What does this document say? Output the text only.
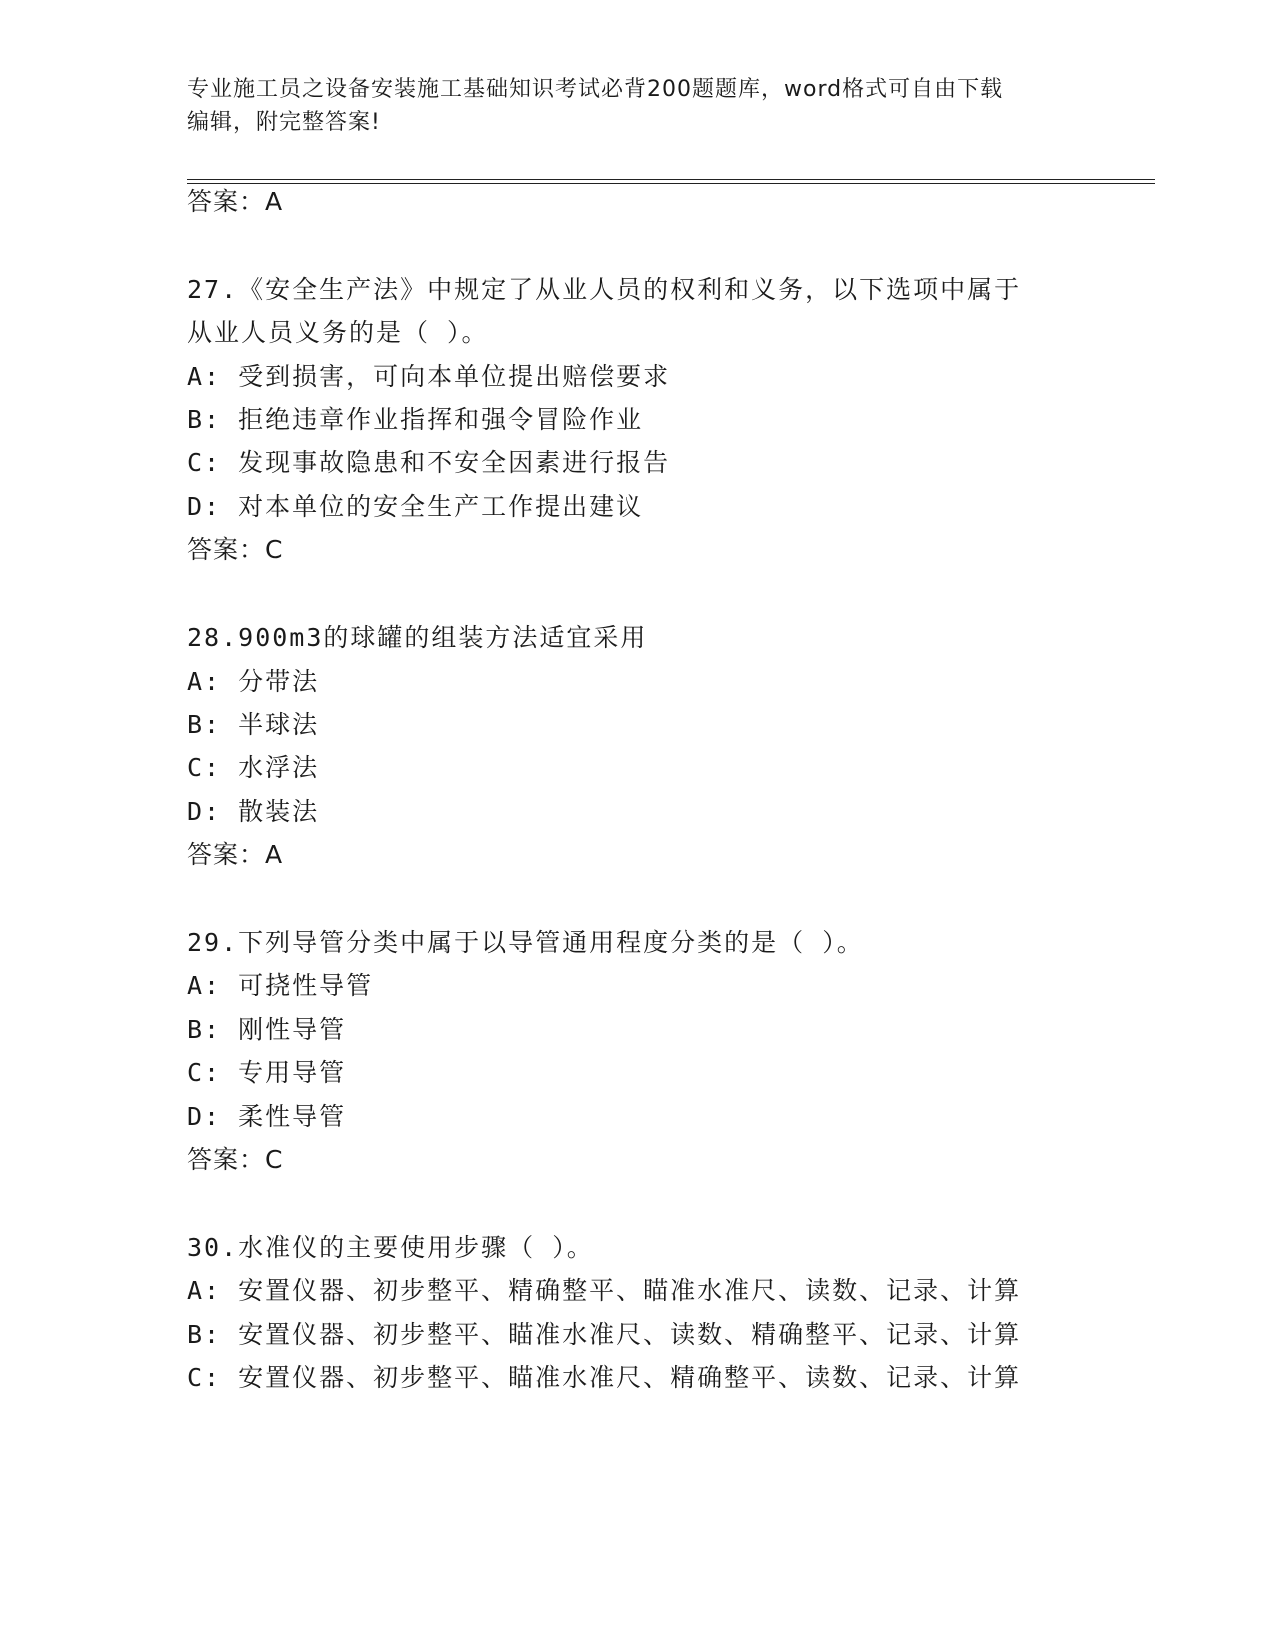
专业施工员之设备安装施工基础知识考试必背200题题库，word格式可自由下载
编辑，附完整答案!
答案：A
27.《安全生产法》中规定了从业人员的权利和义务，以下选项中属于
从业人员义务的是（ ）。
A: 受到损害，可向本单位提出赔偿要求
B: 拒绝违章作业指挥和强令冒险作业
C: 发现事故隐患和不安全因素进行报告
D: 对本单位的安全生产工作提出建议
答案：C
28.900m3的球罐的组装方法适宜采用
A: 分带法
B: 半球法
C: 水浮法
D: 散装法
答案：A
29.下列导管分类中属于以导管通用程度分类的是（ ）。
A: 可挠性导管
B: 刚性导管
C: 专用导管
D: 柔性导管
答案：C
30.水准仪的主要使用步骤（ ）。
A: 安置仪器、初步整平、精确整平、瞄准水准尺、读数、记录、计算
B: 安置仪器、初步整平、瞄准水准尺、读数、精确整平、记录、计算
C: 安置仪器、初步整平、瞄准水准尺、精确整平、读数、记录、计算
